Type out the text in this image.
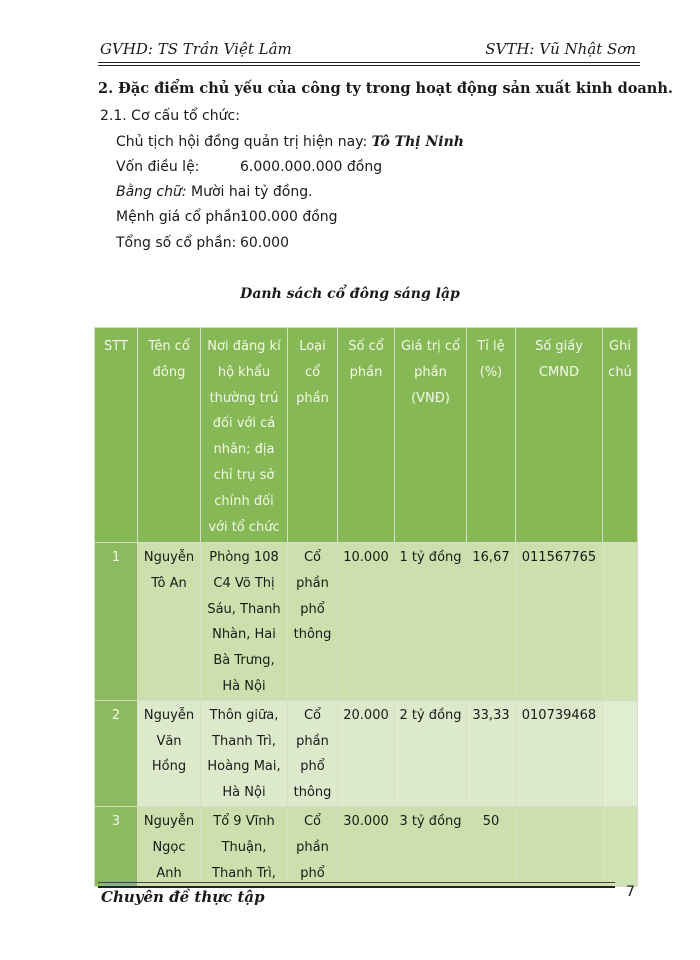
GVHD: TS Trần Việt Lâm	SVTH: Vũ Nhật Sơn
2. Đặc điểm chủ yếu của công ty trong hoạt động sản xuất kinh doanh.
2.1. Cơ cấu tổ chức:
Chủ tịch hội đồng quản trị hiện nay: Tô Thị Ninh
Vốn điều lệ:	6.000.000.000 đồng
Bằng chữ: Mười hai tỷ đồng.
Mệnh giá cổ phần:
100.000 đồng
Tổng số cổ phần: 60.000
Danh sách cổ đông sáng lập
STT	Tên cổ đông	Nơi đăng kí hộ khẩu thường trú đối với cá nhân; địa chỉ trụ sở chính đối với tổ chức	Loại cổ phần	Số cổ phần	Giá trị cổ phần (VNĐ)	Tỉ lệ (%)	Số giấy CMND	Ghi chú
1	Nguyễn Tô An	Phòng 108 C4 Võ Thị Sáu, Thanh Nhàn, Hai Bà Trưng, Hà Nội	Cổ phần phổ thông	10.000	1 tỷ đồng	16,67	011567765	
2	Nguyễn Văn Hồng	Thôn giữa, Thanh Trì, Hoàng Mai, Hà Nội	Cổ phần phổ thông	20.000	2 tỷ đồng	33,33	010739468	
3	Nguyễn Ngọc Anh	Tổ 9 Vĩnh Thuận, Thanh Trì,	Cổ phần phổ	30.000	3 tỷ đồng	50		
Chuyên đề thực tập	7
